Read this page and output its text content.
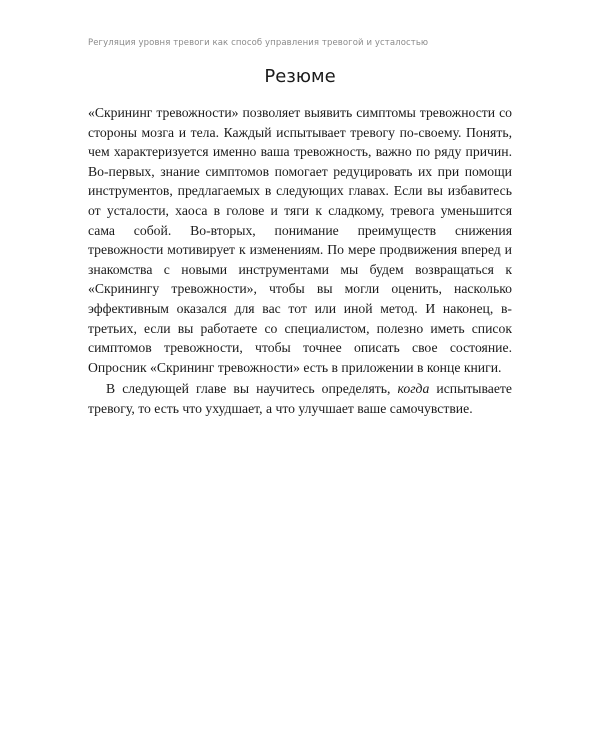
Регуляция уровня тревоги как способ управления тревогой и усталостью
Резюме

«Скрининг тревожности» позволяет выявить симптомы тревожности со стороны мозга и тела. Каждый испытывает тревогу по-своему. Понять, чем характеризуется именно ваша тревожность, важно по ряду причин. Во-первых, знание симптомов помогает редуцировать их при помощи инструментов, предлагаемых в следующих главах. Если вы избавитесь от усталости, хаоса в голове и тяги к сладкому, тревога уменьшится сама собой. Во-вторых, понимание преимуществ снижения тревожности мотивирует к изменениям. По мере продвижения вперед и знакомства с новыми инструментами мы будем возвращаться к «Скринингу тревожности», чтобы вы могли оценить, насколько эффективным оказался для вас тот или иной метод. И наконец, в-третьих, если вы работаете со специалистом, полезно иметь список симптомов тревожности, чтобы точнее описать свое состояние. Опросник «Скрининг тревожности» есть в приложении в конце книги.

В следующей главе вы научитесь определять, когда испытываете тревогу, то есть что ухудшает, а что улучшает ваше самочувствие.
